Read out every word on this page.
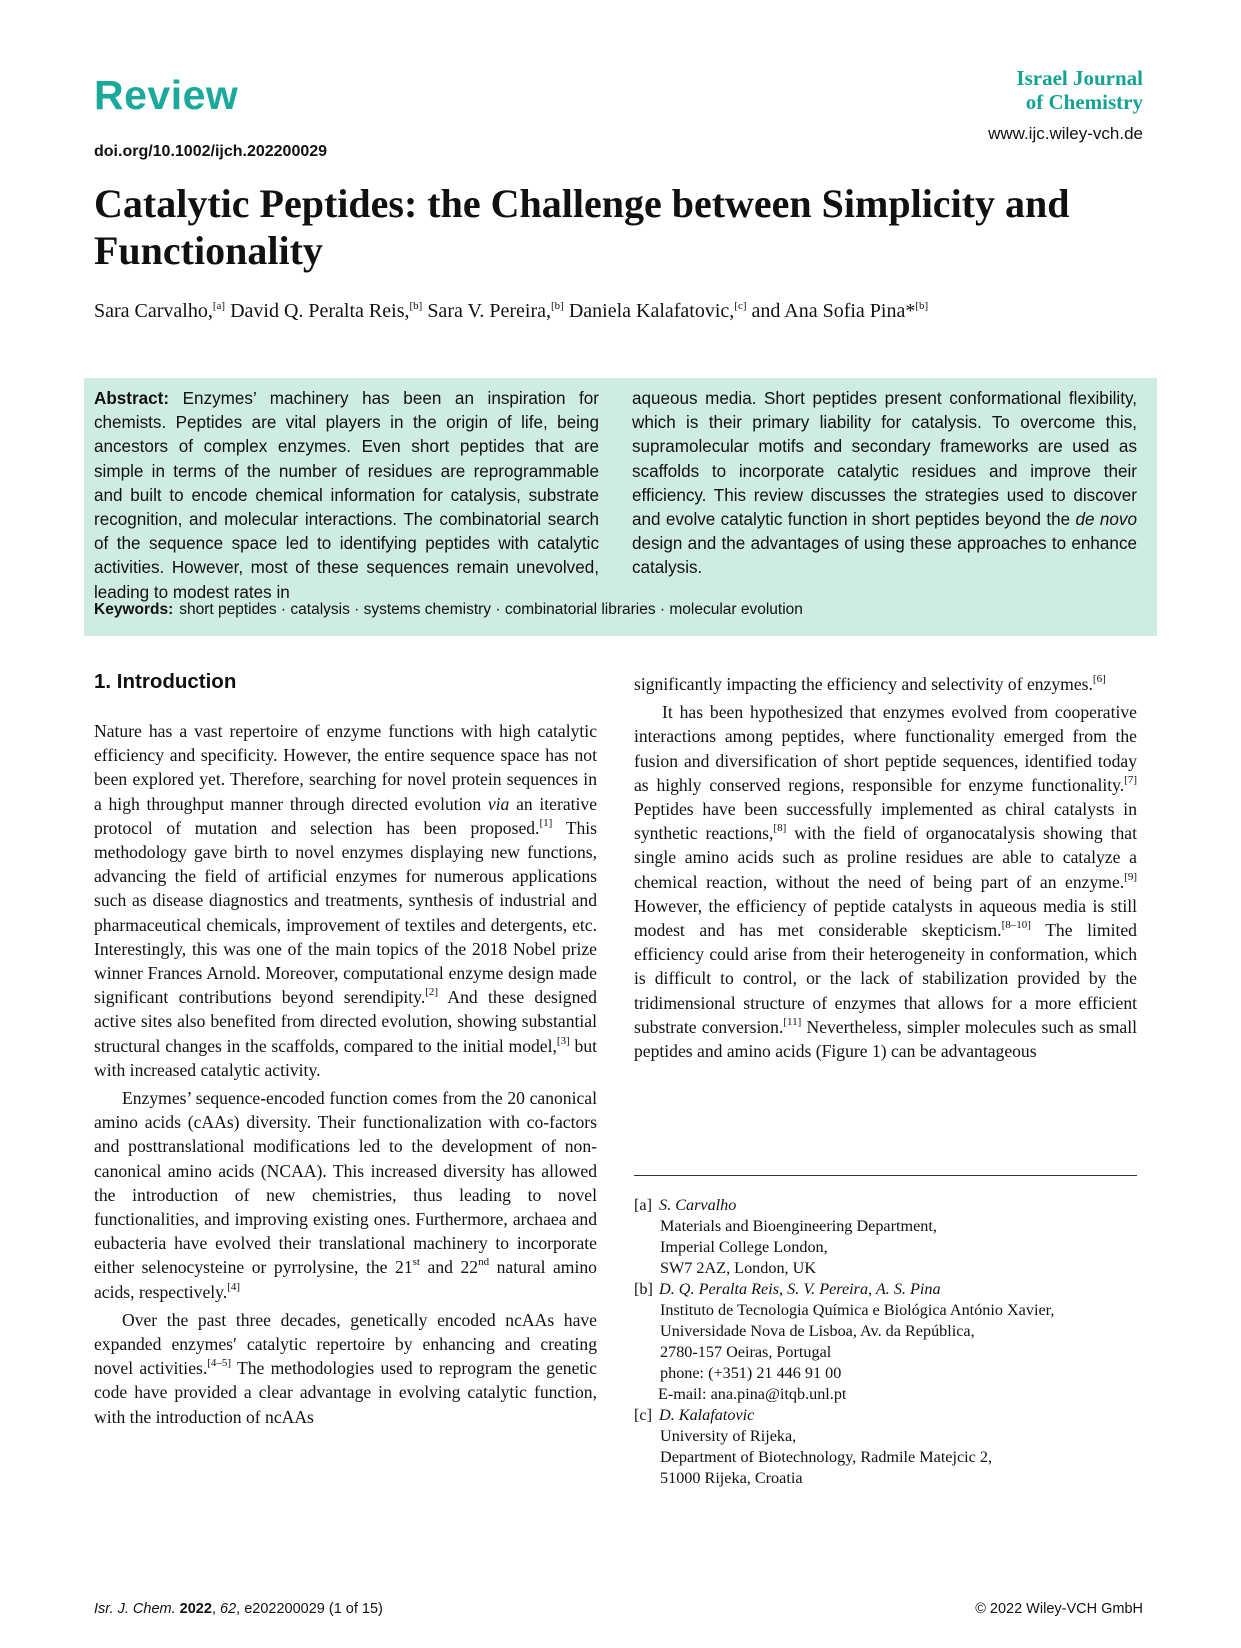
Review
doi.org/10.1002/ijch.202200029
Israel Journal
of Chemistry
www.ijc.wiley-vch.de
Catalytic Peptides: the Challenge between Simplicity and Functionality
Sara Carvalho,[a] David Q. Peralta Reis,[b] Sara V. Pereira,[b] Daniela Kalafatovic,[c] and Ana Sofia Pina*[b]
Abstract: Enzymes’ machinery has been an inspiration for chemists. Peptides are vital players in the origin of life, being ancestors of complex enzymes. Even short peptides that are simple in terms of the number of residues are reprogrammable and built to encode chemical information for catalysis, substrate recognition, and molecular interactions. The combinatorial search of the sequence space led to identifying peptides with catalytic activities. However, most of these sequences remain unevolved, leading to modest rates in
aqueous media. Short peptides present conformational flexibility, which is their primary liability for catalysis. To overcome this, supramolecular motifs and secondary frameworks are used as scaffolds to incorporate catalytic residues and improve their efficiency. This review discusses the strategies used to discover and evolve catalytic function in short peptides beyond the de novo design and the advantages of using these approaches to enhance catalysis.
Keywords: short peptides · catalysis · systems chemistry · combinatorial libraries · molecular evolution
1. Introduction

Nature has a vast repertoire of enzyme functions with high catalytic efficiency and specificity. However, the entire sequence space has not been explored yet. Therefore, searching for novel protein sequences in a high throughput manner through directed evolution via an iterative protocol of mutation and selection has been proposed.[1] This methodology gave birth to novel enzymes displaying new functions, advancing the field of artificial enzymes for numerous applications such as disease diagnostics and treatments, synthesis of industrial and pharmaceutical chemicals, improvement of textiles and detergents, etc. Interestingly, this was one of the main topics of the 2018 Nobel prize winner Frances Arnold. Moreover, computational enzyme design made significant contributions beyond serendipity.[2] And these designed active sites also benefited from directed evolution, showing substantial structural changes in the scaffolds, compared to the initial model,[3] but with increased catalytic activity.

Enzymes’ sequence-encoded function comes from the 20 canonical amino acids (cAAs) diversity. Their functionalization with co-factors and posttranslational modifications led to the development of non-canonical amino acids (NCAA). This increased diversity has allowed the introduction of new chemistries, thus leading to novel functionalities, and improving existing ones. Furthermore, archaea and eubacteria have evolved their translational machinery to incorporate either selenocysteine or pyrrolysine, the 21st and 22nd natural amino acids, respectively.[4]

Over the past three decades, genetically encoded ncAAs have expanded enzymes′ catalytic repertoire by enhancing and creating novel activities.[4–5] The methodologies used to reprogram the genetic code have provided a clear advantage in evolving catalytic function, with the introduction of ncAAs

significantly impacting the efficiency and selectivity of enzymes.[6]

It has been hypothesized that enzymes evolved from cooperative interactions among peptides, where functionality emerged from the fusion and diversification of short peptide sequences, identified today as highly conserved regions, responsible for enzyme functionality.[7] Peptides have been successfully implemented as chiral catalysts in synthetic reactions,[8] with the field of organocatalysis showing that single amino acids such as proline residues are able to catalyze a chemical reaction, without the need of being part of an enzyme.[9] However, the efficiency of peptide catalysts in aqueous media is still modest and has met considerable skepticism.[8–10] The limited efficiency could arise from their heterogeneity in conformation, which is difficult to control, or the lack of stabilization provided by the tridimensional structure of enzymes that allows for a more efficient substrate conversion.[11] Nevertheless, simpler molecules such as small peptides and amino acids (Figure 1) can be advantageous

[a] S. Carvalho
Materials and Bioengineering Department,
Imperial College London,
SW7 2AZ, London, UK
[b] D. Q. Peralta Reis, S. V. Pereira, A. S. Pina
Instituto de Tecnologia Química e Biológica António Xavier,
Universidade Nova de Lisboa, Av. da República,
2780-157 Oeiras, Portugal
phone: (+351) 21 446 91 00
E-mail: ana.pina@itqb.unl.pt
[c] D. Kalafatovic
University of Rijeka,
Department of Biotechnology, Radmile Matejcic 2,
51000 Rijeka, Croatia
Isr. J. Chem. 2022, 62, e202200029 (1 of 15)	© 2022 Wiley-VCH GmbH
